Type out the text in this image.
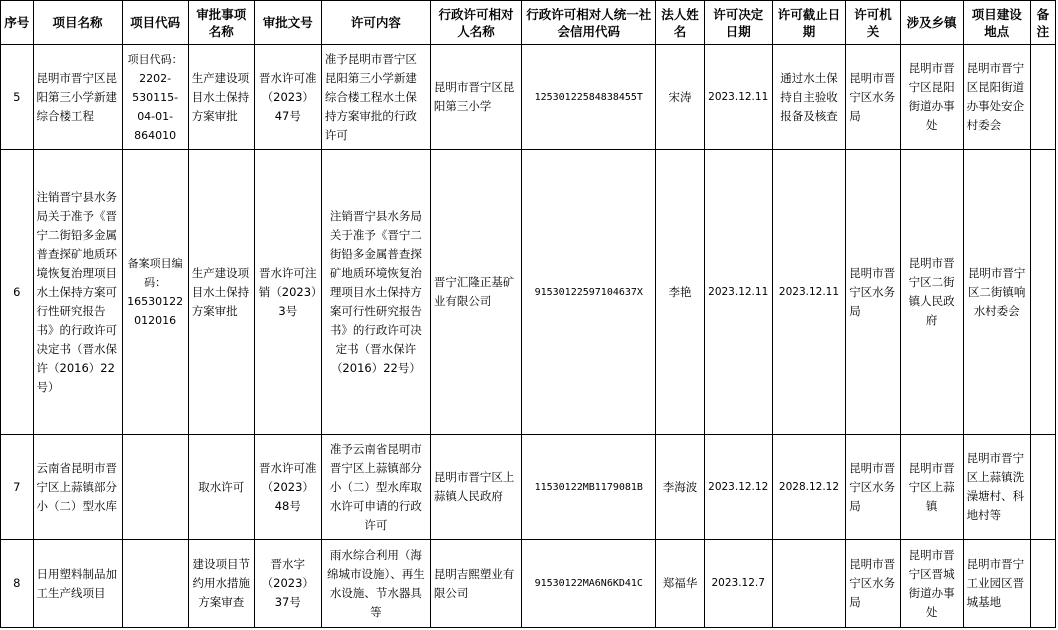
序号	项目名称	项目代码	审批事项名称	审批文号	许可内容	行政许可相对人名称	行政许可相对人统一社会信用代码	法人姓名	许可决定日期	许可截止日期	许可机关	涉及乡镇	项目建设地点	备注
5	昆明市晋宁区昆阳第三小学新建综合楼工程	项目代码：2202-530115-04-01-864010	生产建设项目水土保持方案审批	晋水许可准（2023）47号	准予昆明市晋宁区昆阳第三小学新建综合楼工程水土保持方案审批的行政许可	昆明市晋宁区昆阳第三小学	12530122584838455T	宋涛	2023.12.11	通过水土保持自主验收报备及核查	昆明市晋宁区水务局	昆明市晋宁区昆阳街道办事处	昆明市晋宁区昆阳街道办事处安企村委会	
6	注销晋宁县水务局关于准予《晋宁二街铅多金属普查探矿地质环境恢复治理项目水土保持方案可行性研究报告书》的行政许可决定书（晋水保许（2016）22号）	备案项目编码：16530122012016	生产建设项目水土保持方案审批	晋水许可注销（2023）3号	注销晋宁县水务局关于准予《晋宁二街铅多金属普查探矿地质环境恢复治理项目水土保持方案可行性研究报告书》的行政许可决定书（晋水保许（2016）22号）	晋宁汇隆正基矿业有限公司	91530122597104637X	李艳	2023.12.11	2023.12.11	昆明市晋宁区水务局	昆明市晋宁区二街镇人民政府	昆明市晋宁区二街镇响水村委会	
7	云南省昆明市晋宁区上蒜镇部分小（二）型水库		取水许可	晋水许可准（2023）48号	准予云南省昆明市晋宁区上蒜镇部分小（二）型水库取水许可申请的行政许可	昆明市晋宁区上蒜镇人民政府	11530122MB1179081B	李海波	2023.12.12	2028.12.12	昆明市晋宁区水务局	昆明市晋宁区上蒜镇	昆明市晋宁区上蒜镇洗澡塘村、科地村等	
8	日用塑料制品加工生产线项目		建设项目节约用水措施方案审查	晋水字（2023）37号	雨水综合利用（海绵城市设施）、再生水设施、节水器具等	昆明吉熙塑业有限公司	91530122MA6N6KD41C	郑福华	2023.12.7		昆明市晋宁区水务局	昆明市晋宁区晋城街道办事处	昆明市晋宁工业园区晋城基地	
